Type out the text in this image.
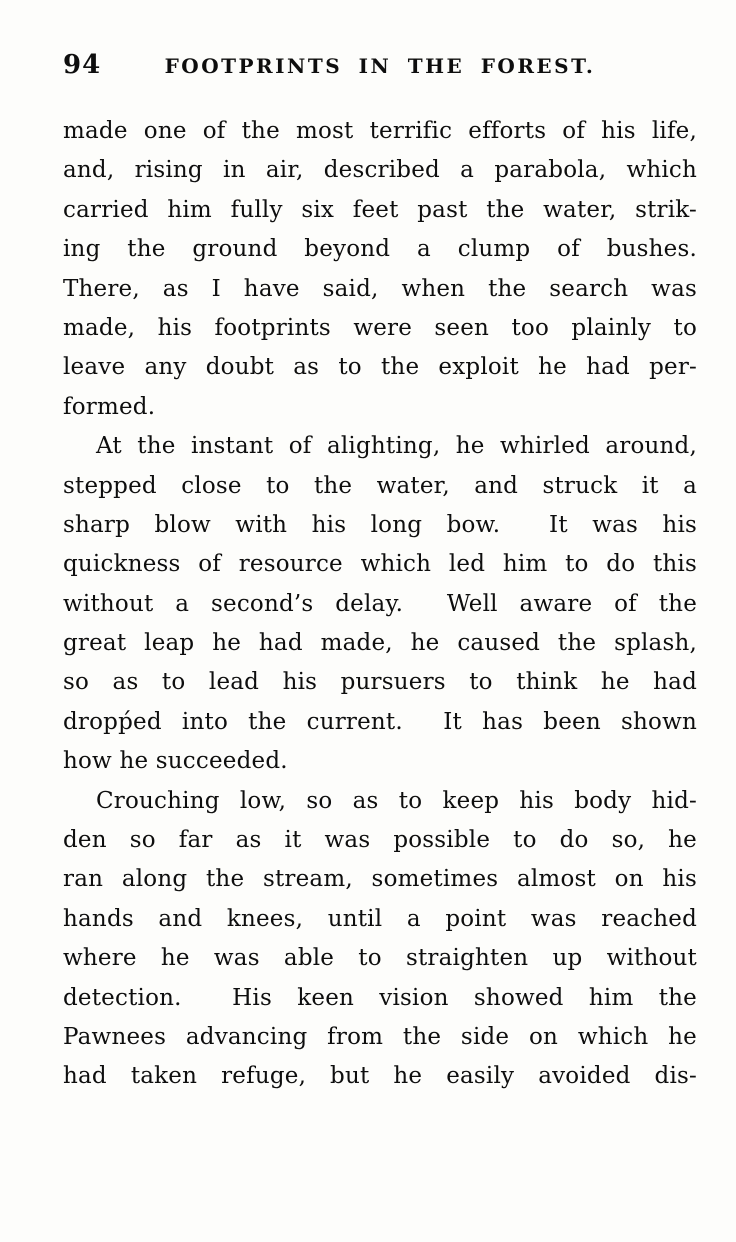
94	FOOTPRINTS IN THE FOREST.
made one of the most terrific efforts of his life,
and, rising in air, described a parabola, which
carried him fully six feet past the water, strik-
ing the ground beyond a clump of bushes.
There, as I have said, when the search was
made, his footprints were seen too plainly to
leave any doubt as to the exploit he had per-
formed.
At the instant of alighting, he whirled around,
stepped close to the water, and struck it a
sharp blow with his long bow.  It was his
quickness of resource which led him to do this
without a second’s delay.  Well aware of the
great leap he had made, he caused the splash,
so as to lead his pursuers to think he had
dropṕed into the current.  It has been shown
how he succeeded.
Crouching low, so as to keep his body hid-
den so far as it was possible to do so, he
ran along the stream, sometimes almost on his
hands and knees, until a point was reached
where he was able to straighten up without
detection.  His keen vision showed him the
Pawnees advancing from the side on which he
had taken refuge, but he easily avoided dis-
